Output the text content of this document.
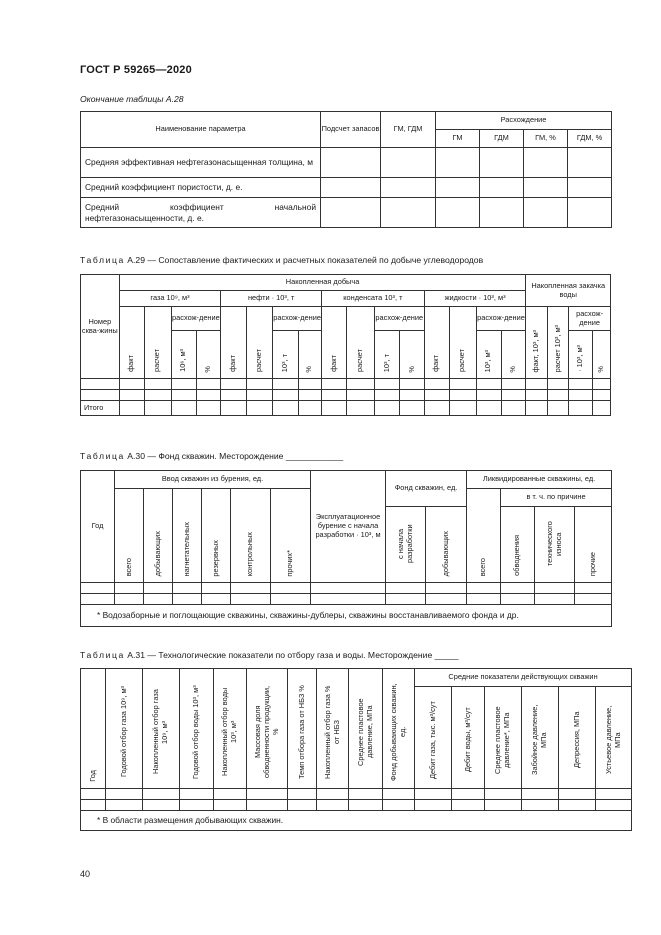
ГОСТ Р 59265—2020
Окончание таблицы А.28
Наименование параметра	Подсчет запасов	ГМ, ГДМ	Расхождение			
			ГМ	ГДМ	ГМ, %	ГДМ, %
Средняя эффективная нефтегазонасыщенная толщина, м						
Средний коэффициент пористости, д. е.						
Средний коэффициент начальной нефтегазонасыщенности, д. е.						
Таблица А.29 — Сопоставление фактических и расчетных показателей по добыче углеводородов
Номер сква-жины	Накопленная добыча																Накопленная закачка воды			
	газа 10⁹, м³				нефти · 10³, т				конденсата 10³, т				жидкости · 10³, м³							
	факт	расчет	расхож-дение		факт	расчет	расхож-дение		факт	расчет	расхож-дение		факт	расчет	расхож-дение		факт, 10³, м³	расчет 10³, м³	расхож-дение	
			10⁶, м³	%			10³, т	%			10³, т	%			10³, м³	%			· 10³, м³	%

Итого																				
Таблица А.30 — Фонд скважин. Месторождение ____________
Год	Ввод скважин из бурения, ед.						Эксплуатационное бурение с начала разработки · 10³, м	Фонд скважин, ед.		Ликвидированные скважины, ед.			
	всего	добывающих	нагнетательных	резервных	контрольных	прочих*				всего	в т. ч. по причине		
								с начала разработки	добывающих		обводнения	технического износа	прочие

* Водозаборные и поглощающие скважины, скважины-дублеры, скважины восстанавливаемого фонда и др.													
Таблица А.31 — Технологические показатели по отбору газа и воды. Месторождение _____
Год	Годовой отбор газа 10⁹, м³	Накопленный отбор газа 10⁹, м³	Годовой отбор воды 10³, м³	Накопленный отбор воды 10³, м³	Массовая доля обводненности продукции, %	Темп отбора газа от НБЗ %	Накопленный отбор газа % от НБЗ	Среднее пластовое давление, МПа	Фонд добывающих скважин, ед.	Средние показатели действующих скважин					
										Дебит газа, тыс. м³/сут	Дебит воды, м³/сут	Среднее пластовое давление*, МПа	Забойное давление, МПа	Депрессия, МПа	Устьевое давление, МПа

* В области размещения добывающих скважин.															
40
